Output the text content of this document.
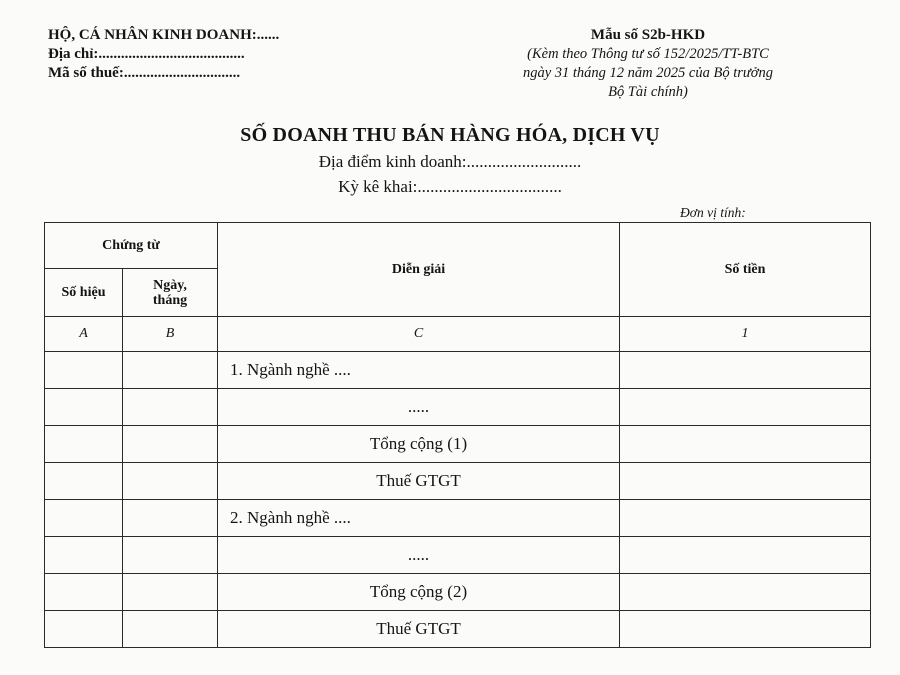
HỘ, CÁ NHÂN KINH DOANH:......
Địa chỉ:.......................................
Mã số thuế:...............................
Mẫu số S2b-HKD
(Kèm theo Thông tư số 152/2025/TT-BTC
ngày 31 tháng 12 năm 2025 của Bộ trưởng
Bộ Tài chính)
SỐ DOANH THU BÁN HÀNG HÓA, DỊCH VỤ
Địa điểm kinh doanh:...........................
Kỳ kê khai:..................................
Đơn vị tính:
Chứng từ		Diễn giải	Số tiền
Số hiệu	Ngày,
tháng		

A	B	C	1
		1. Ngành nghề ....	
		.....	
		Tổng cộng (1)	
		Thuế GTGT	
		2. Ngành nghề ....	
		.....	
		Tổng cộng (2)	
		Thuế GTGT	
